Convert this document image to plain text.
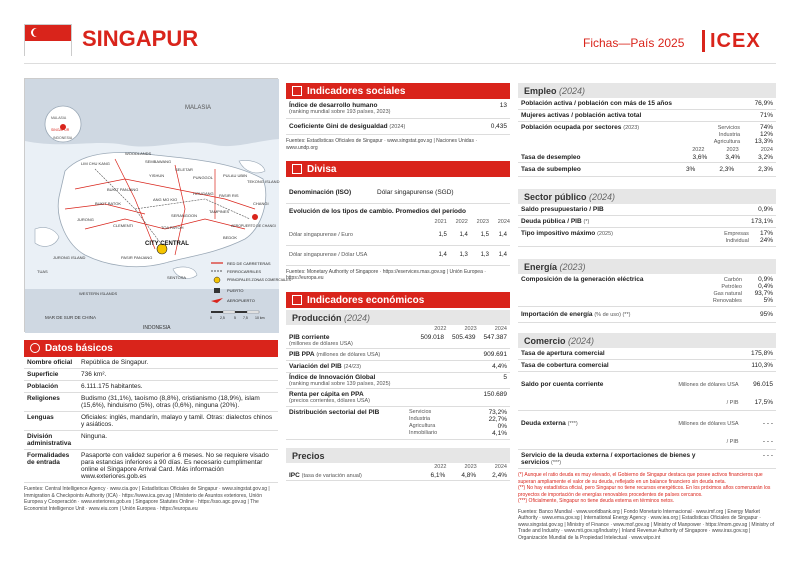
SINGAPUR	Fichas—País 2025 ICEX
MALASIA
MALASIA
SINGAPUR
INDONESIA
LIM CHU KANG
WOODLANDS
SEMBAWANG
SELETAR
PUNGGOL PULAU UBIN
TEKONG ISLAND
YISHUN
ANG MO KIO
HOUGANG PASIR RIS
TAMPINES
CHANGI
AEROPUERTO DE CHANGI
SERANGOON
BEDOK
TOA PAYOH
BUKIT PANJANG
BUKIT BATOK
JURONG
CLEMENTI
CITY CENTRAL
PASIR PANJANG
JURONG ISLAND
TUAS
SENTOSA
WESTERN ISLANDS
MAR DE SUR DE CHINA
INDONESIA
RED DE CARRETERAS
FERROCARRILES
PRINCIPALES ZONAS COMERCIALES
PUERTO
AEROPUERTO
0 2,5	5 7,5 10 km
Datos básicos
Nombre oficial	República de Singapur.
Superficie	736 km².
Población	6.111.175 habitantes.
Religiones	Budismo (31,1%), taoísmo (8,8%), cristianismo (18,9%), islam (15,6%), hinduismo (5%), otras (0,6%), ninguna (20%).
Lenguas	Oficiales: inglés, mandarín, malayo y tamil. Otras: dialectos chinos y asiáticos.
División administrativa	Ninguna.
Formalidades de entrada	Pasaporte con validez superior a 6 meses. No se requiere visado para estancias inferiores a 90 días. Es necesario cumplimentar online el Singapore Arrival Card. Más información www.exteriores.gob.es
Fuentes: Central Intelligence Agency · www.cia.gov | Estadísticas Oficiales de Singapur · www.singstat.gov.sg | Immigration & Checkpoints Authority (ICA) · https://www.ica.gov.sg | Ministerio de Asuntos exteriores, Unión Europea y Cooperación · www.exteriores.gob.es | Singapore Statutes Online · https://sso.agc.gov.sg | The Economist Intelligence Unit · www.eiu.com | Unión Europea · https://europa.eu
Indicadores sociales
Índice de desarrollo humano	13
(ranking mundial sobre 193 países, 2023)
Coeficiente Gini de desigualdad (2024)	0,435
Fuentes: Estadísticas Oficiales de Singapur · www.singstat.gov.sg | Naciones Unidas · www.undp.org
Divisa
Denominación (ISO)	Dólar singapurense (SGD)
Evolución de los tipos de cambio. Promedios del período
	2021	2022	2023	2024
Dólar singapurense / Euro	1,5	1,4	1,5	1,4
Dólar singapurense / Dólar USA	1,4	1,3	1,3	1,4
Fuentes: Monetary Authority of Singapore · https://eservices.mas.gov.sg | Unión Europea · https://europa.eu
Indicadores económicos
Producción (2024)
2022	2023	2024
PIB corriente
(millones de dólares USA)
509.018 505.439 547.387
PIB PPA (millones de dólares USA)	909.691
Variación del PIB (24/23)	4,4%
Índice de Innovación Global
(ranking mundial sobre 139 países, 2025)
5
Renta per cápita en PPA
(precios corrientes, dólares USA)
150.689
Distribución sectorial del PIB	Servicios	73,2%
Industria	22,7%
Agricultura	0%
Inmobiliario	4,1%
Precios
2022	2023	2024
IPC (tasa de variación anual)	6,1% 4,8% 2,4%
Empleo (2024)
Población activa / población con más de 15 años	76,9%
Mujeres activas / población activa total	71%
Población ocupada por sectores (2023)	Servicios	74%
Industria	12%
Agricultura	13,3%
2022	2023	2024
Tasa de desempleo	3,6%	3,4%	3,2%
Tasa de subempleo	3%	2,3%	2,3%
Sector público (2024)
Saldo presupuestario / PIB	0,9%
Deuda pública / PIB (*)	173,1%
Tipo impositivo máximo (2025)	Empresas	17%
Individual	24%
Energía (2023)
Composición de la generación eléctrica	Carbón	0,9%
Petróleo	0,4%
Gas natural	93,7%
Renovables	5%
Importación de energía (% de uso) (**)	95%
Comercio (2024)
Tasa de apertura comercial	175,8%
Tasa de cobertura comercial	110,3%
Saldo por cuenta corriente	Millones de dólares USA 96.015
/ PIB 17,5%
Deuda externa (***)	Millones de dólares USA	- - -
/ PIB	- - -
Servicio de la deuda externa / exportaciones de bienes y servicios (***)
- - -
(*) Aunque el ratio deuda es muy elevado, el Gobierno de Singapur destaca que posee activos financieros que superan ampliamente el valor de su deuda, reflejado en un balance financiero sin deuda neta.
(**) No hay estadística oficial, pero Singapur no tiene recursos energéticos. En los próximos años comenzarán los proyectos de importación de energías renovables procedentes de países cercanos.
(***) Oficialmente, Singapur no tiene deuda externa en términos netos.
Fuentes: Banco Mundial · www.worldbank.org | Fondo Monetario Internacional · www.imf.org | Energy Market Authority · www.ema.gov.sg | International Energy Agency · www.iea.org | Estadísticas Oficiales de Singapur · www.singstat.gov.sg | Ministry of Finance · www.mof.gov.sg | Ministry of Manpower · https://mom.gov.sg | Ministry of Trade and Industry · www.mti.gov.sg/Industry | Inland Revenue Authority of Singapore · www.iras.gov.sg | Organización Mundial de la Propiedad Intelectual · www.wipo.int
